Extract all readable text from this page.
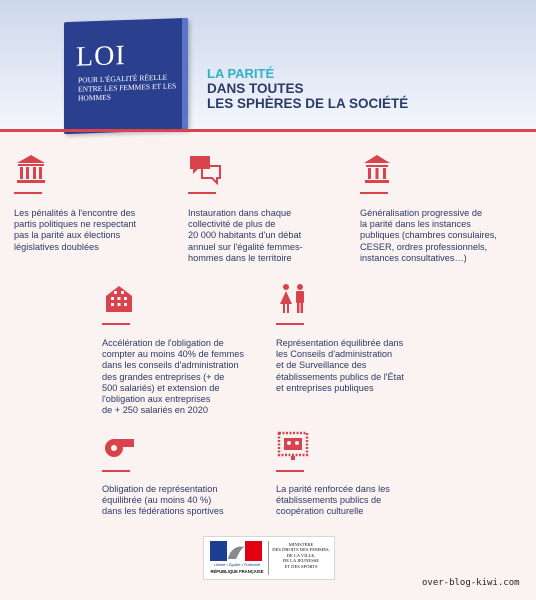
LOI
POUR L'ÉGALITÉ RÉELLE ENTRE LES FEMMES ET LES HOMMES
LA PARITÉ
DANS TOUTES
LES SPHÈRES DE LA SOCIÉTÉ
Les pénalités à l'encontre des
partis politiques ne respectant
pas la parité aux élections
législatives doublées
Instauration dans chaque
collectivité de plus de
20 000 habitants d'un débat
annuel sur l'égalité femmes-
hommes dans le territoire
Généralisation progressive de
la parité dans les instances
publiques (chambres consulaires,
CESER, ordres professionnels,
instances consultatives…)
Accélération de l'obligation de
compter au moins 40% de femmes
dans les conseils d'administration
des grandes entreprises (+ de
500 salariés) et extension de
l'obligation aux entreprises
de + 250 salariés en 2020
Représentation équilibrée dans
les Conseils d'administration
et de Surveillance des
établissements publics de l'État
et entreprises publiques
Obligation de représentation
équilibrée (au moins 40 %)
dans les fédérations sportives
La parité renforcée dans les
établissements publics de
coopération culturelle
Liberté • Égalité • Fraternité
RÉPUBLIQUE FRANÇAISE
MINISTÈRE
DES DROITS DES FEMMES,
DE LA VILLE,
DE LA JEUNESSE
ET DES SPORTS
over-blog-kiwi.com
